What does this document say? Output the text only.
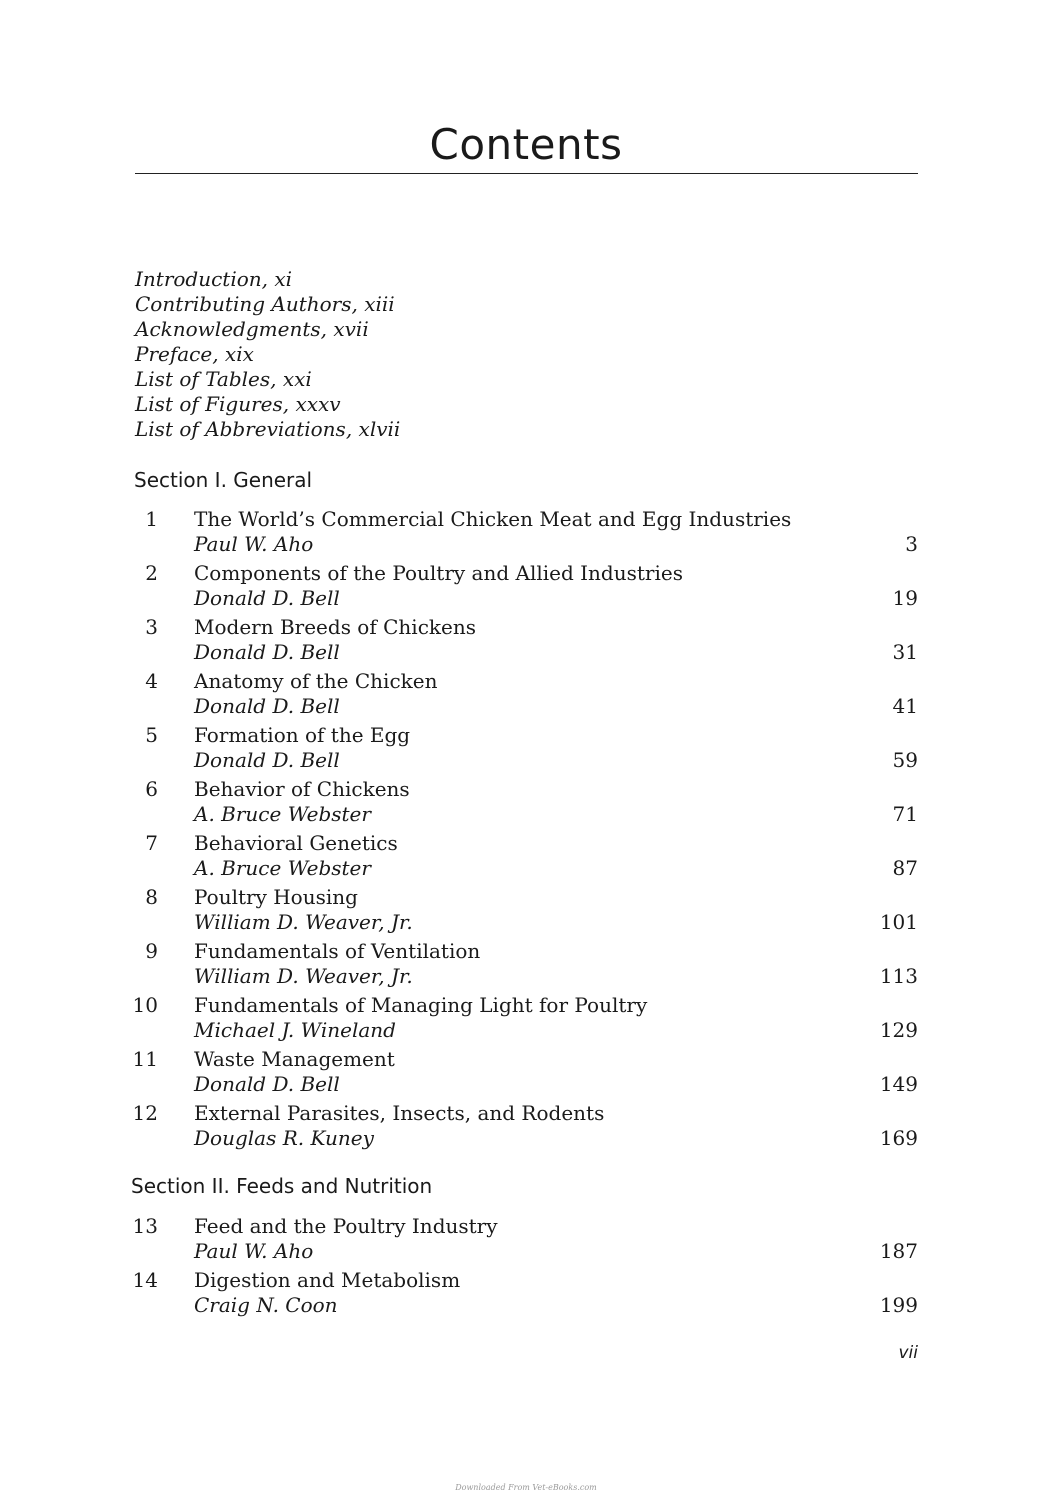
Contents
Introduction, xi
Contributing Authors, xiii
Acknowledgments, xvii
Preface, xix
List of Tables, xxi
List of Figures, xxxv
List of Abbreviations, xlvii
Section I. General
1 The World’s Commercial Chicken Meat and Egg Industries
Paul W. Aho	3
2 Components of the Poultry and Allied Industries
Donald D. Bell	19
3 Modern Breeds of Chickens
Donald D. Bell	31
4 Anatomy of the Chicken
Donald D. Bell	41
5 Formation of the Egg
Donald D. Bell	59
6 Behavior of Chickens
A. Bruce Webster	71
7 Behavioral Genetics
A. Bruce Webster	87
8 Poultry Housing
William D. Weaver, Jr.	101
9 Fundamentals of Ventilation
William D. Weaver, Jr.	113
10 Fundamentals of Managing Light for Poultry
Michael J. Wineland	129
11 Waste Management
Donald D. Bell	149
12 External Parasites, Insects, and Rodents
Douglas R. Kuney	169
Section II. Feeds and Nutrition
13 Feed and the Poultry Industry
Paul W. Aho	187
14 Digestion and Metabolism
Craig N. Coon	199
vii
Downloaded From Vet-eBooks.com
